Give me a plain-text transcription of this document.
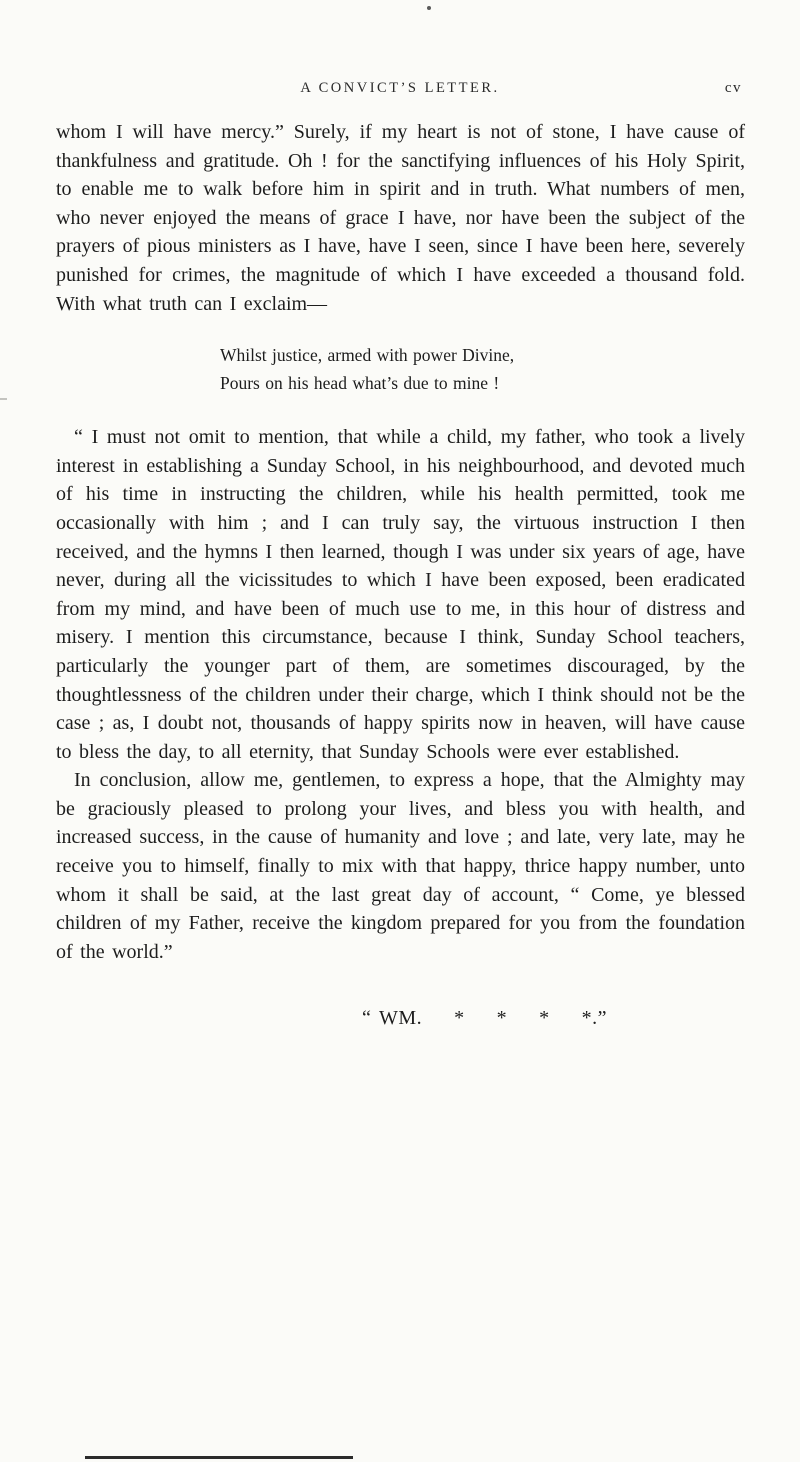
A CONVICT’S LETTER.	cv

whom I will have mercy.” Surely, if my heart is not of stone, I have cause of thankfulness and gratitude. Oh ! for the sanctifying influences of his Holy Spirit, to enable me to walk before him in spirit and in truth. What numbers of men, who never enjoyed the means of grace I have, nor have been the subject of the prayers of pious ministers as I have, have I seen, since I have been here, severely punished for crimes, the magnitude of which I have exceeded a thousand fold. With what truth can I exclaim—

Whilst justice, armed with power Divine,
Pours on his head what’s due to mine !

“ I must not omit to mention, that while a child, my father, who took a lively interest in establishing a Sunday School, in his neighbourhood, and devoted much of his time in instructing the children, while his health permitted, took me occasionally with him ; and I can truly say, the virtuous instruction I then received, and the hymns I then learned, though I was under six years of age, have never, during all the vicissitudes to which I have been exposed, been eradicated from my mind, and have been of much use to me, in this hour of distress and misery. I mention this circumstance, because I think, Sunday School teachers, particularly the younger part of them, are sometimes discouraged, by the thoughtlessness of the children under their charge, which I think should not be the case ; as, I doubt not, thousands of happy spirits now in heaven, will have cause to bless the day, to all eternity, that Sunday Schools were ever established.

In conclusion, allow me, gentlemen, to express a hope, that the Almighty may be graciously pleased to prolong your lives, and bless you with health, and increased success, in the cause of humanity and love ; and late, very late, may he receive you to himself, finally to mix with that happy, thrice happy number, unto whom it shall be said, at the last great day of account, “ Come, ye blessed children of my Father, receive the kingdom prepared for you from the foundation of the world.”

“ WM.    *    *    *    *.”
